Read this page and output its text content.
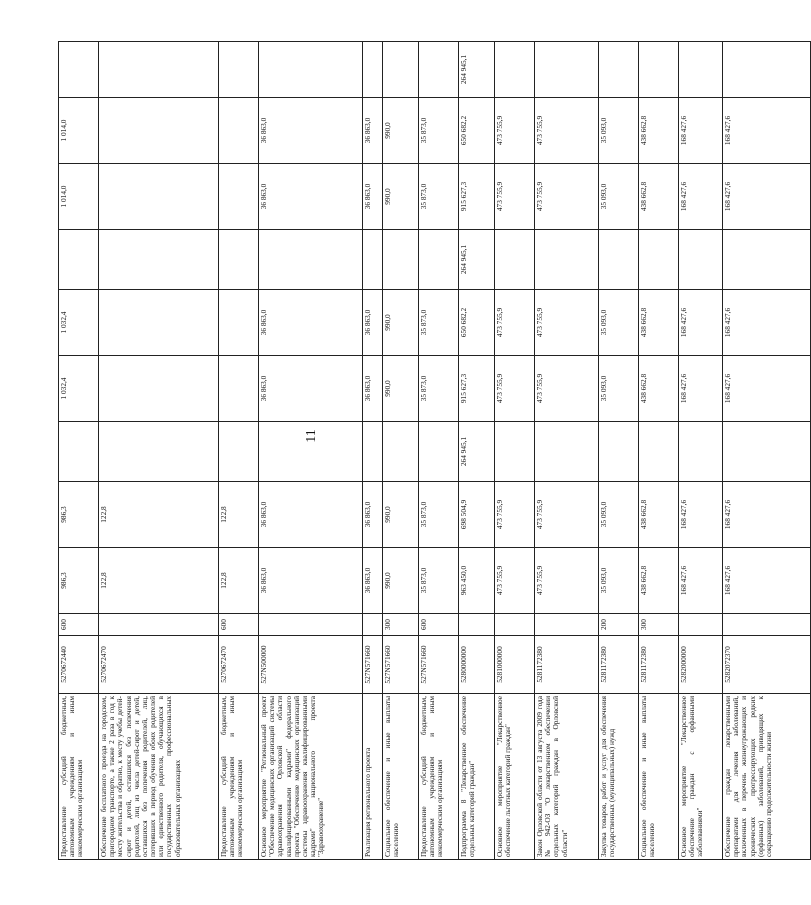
11
Предоставление субсидий бюджетным, автономным учреждениям и иным некоммерческим организациям	5270672440	600	986,3	986,3		1 032,4	1 032,4		1 014,0	1 014,0	
Обеспечение бесплатного проезда на городском, пригородном транспорте, а также 2 раза в год к месту жительства и обратно, к месту учебы детей-сирот и детей, оставшихся без попечения родителей, лиц из числа детей-сирот и детей, оставшихся без попечения родителей, лиц, потерявших в период обучения обоих родителей или единственного родителя, обучающихся в государственных профессиональных образовательных организациях	5270672470		122,8	122,8							
Предоставление субсидий бюджетным, автономным учреждениям и иным некоммерческим организациям	5270672470	600	122,8	122,8							
Основное мероприятие "Региональный проект "Обеспечение медицинских организаций системы здравоохранения Орловской области квалифицированными кадрами" федерального проекта "Обеспечение медицинских организаций системы здравоохранения квалифицированными кадрами" национального проекта "Здравоохранение"	527N500000		36 863,0	36 863,0		36 863,0	36 863,0		36 863,0	36 863,0	
Реализация регионального проекта	527N571660		36 863,0	36 863,0		36 863,0	36 863,0		36 863,0	36 863,0	
Социальное обеспечение и иные выплаты населению	527N571660	300	990,0	990,0		990,0	990,0		990,0	990,0	
Предоставление субсидий бюджетным, автономным учреждениям и иным некоммерческим организациям	527N571660	600	35 873,0	35 873,0		35 873,0	35 873,0		35 873,0	35 873,0	
Подпрограмма 8 "Лекарственное обеспечение отдельных категорий граждан"	5280000000		963 450,0	698 504,9	264 945,1	915 627,3	650 682,2	264 945,1	915 627,3	650 682,2	264 945,1
Основное мероприятие "Лекарственное обеспечение льготных категорий граждан"	5281000000		473 755,9	473 755,9		473 755,9	473 755,9		473 755,9	473 755,9	
Закон Орловской области от 13 августа 2009 года № 942-ОЗ "О лекарственном обеспечении отдельных категорий граждан в Орловской области"	5281172380		473 755,9	473 755,9		473 755,9	473 755,9		473 755,9	473 755,9	
Закупка товаров, работ и услуг для обеспечения государственных (муниципальных) нужд	5281172380	200	35 093,0	35 093,0		35 093,0	35 093,0		35 093,0	35 093,0	
Социальное обеспечение и иные выплаты населению	5281172380	300	438 662,8	438 662,8		438 662,8	438 662,8		438 662,8	438 662,8	
Основное мероприятие "Лекарственное обеспечение граждан с орфанными заболеваниями"	5282000000		168 427,6	168 427,6		168 427,6	168 427,6		168 427,6	168 427,6	
Обеспечение граждан лекарственными препаратами для лечения заболеваний, включенных в перечень жизнеугрожающих и хронических прогрессирующих редких (орфанных) заболеваний, приводящих к сокращению продолжительности жизни	5282072370		168 427,6	168 427,6		168 427,6	168 427,6		168 427,6	168 427,6	
